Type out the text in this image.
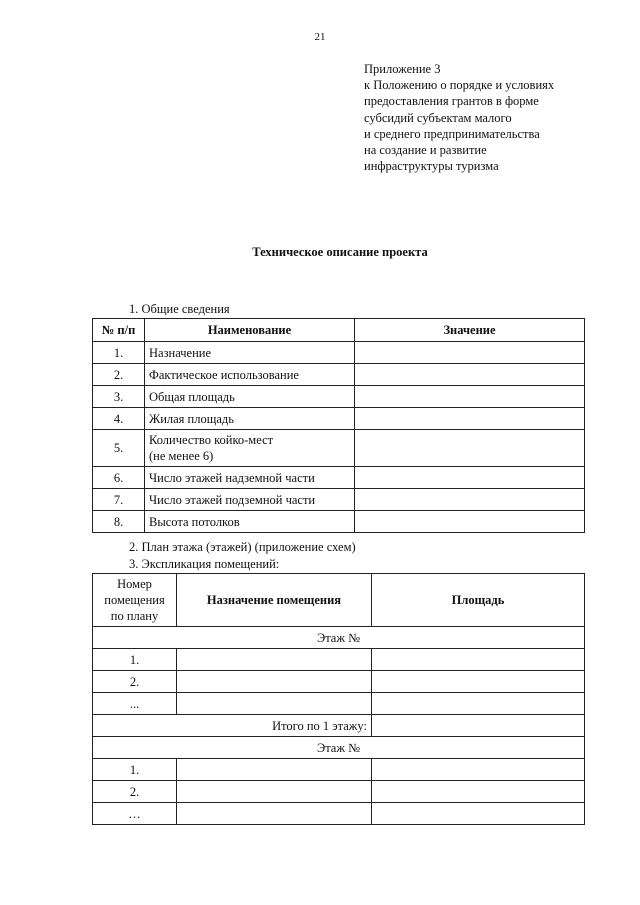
21
Приложение 3
к Положению о порядке и условиях
предоставления грантов в форме
субсидий субъектам малого
и среднего предпринимательства
на создание и развитие
инфраструктуры туризма
Техническое описание проекта
1. Общие сведения
№ п/п	Наименование	Значение
1.	Назначение	
2.	Фактическое использование	
3.	Общая площадь	
4.	Жилая площадь	
5.	Количество койко-мест
(не менее 6)	

6.	Число этажей надземной части	
7.	Число этажей подземной части	
8.	Высота потолков	
2. План этажа (этажей) (приложение схем)
3. Экспликация помещений:
Номер
помещения
по плану	Назначение помещения	Площадь
Этаж №		
1.		
2.		
...		
Итого по 1 этажу:		
Этаж №		
1.		
2.		
…		
